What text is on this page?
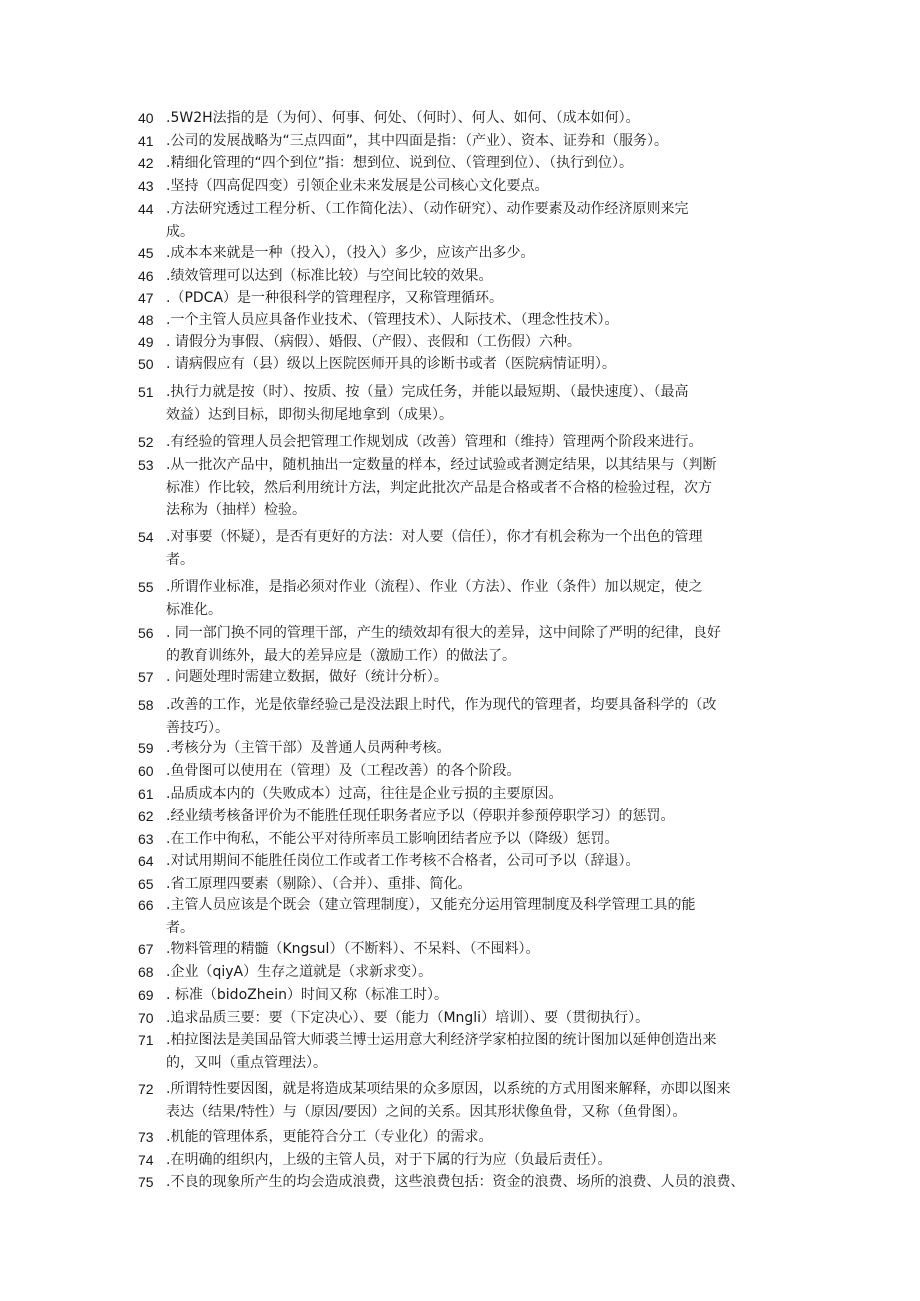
40 .5W2H法指的是（为何）、何事、何处、（何时）、何人、如何、（成本如何）。
41 .公司的发展战略为“三点四面”，其中四面是指：（产业）、资本、证券和（服务）。
42 .精细化管理的“四个到位”指：想到位、说到位、（管理到位）、（执行到位）。
43 .坚持（四高促四变）引领企业未来发展是公司核心文化要点。
44 .方法研究透过工程分析、（工作简化法）、（动作研究）、动作要素及动作经济原则来完
成。
45 .成本本来就是一种（投入），（投入）多少，应该产出多少。
46 .绩效管理可以达到（标准比较）与空间比较的效果。
47 .（PDCA）是一种很科学的管理程序，又称管理循环。
48 .一个主管人员应具备作业技术、（管理技术）、人际技术、（理念性技术）。
49 . 请假分为事假、（病假）、婚假、（产假）、丧假和（工伤假）六种。
50 . 请病假应有（县）级以上医院医师开具的诊断书或者（医院病情证明）。
51 .执行力就是按（时）、按质、按（量）完成任务，并能以最短期、（最快速度）、（最高
效益）达到目标，即彻头彻尾地拿到（成果）。
52 .有经验的管理人员会把管理工作规划成（改善）管理和（维持）管理两个阶段来进行。
53 .从一批次产品中，随机抽出一定数量的样本，经过试验或者测定结果，以其结果与（判断
标准）作比较，然后利用统计方法，判定此批次产品是合格或者不合格的检验过程，次方
法称为（抽样）检验。
54 .对事要（怀疑），是否有更好的方法：对人要（信任），你才有机会称为一个出色的管理
者。
55 .所谓作业标准，是指必须对作业（流程）、作业（方法）、作业（条件）加以规定，使之
标准化。
56 . 同一部门换不同的管理干部，产生的绩效却有很大的差异，这中间除了严明的纪律，良好
的教育训练外，最大的差异应是（激励工作）的做法了。
57 . 问题处理时需建立数据，做好（统计分析）。
58 .改善的工作，光是依靠经验己是没法跟上时代，作为现代的管理者，均要具备科学的（改
善技巧）。
59 .考核分为（主管干部）及普通人员两种考核。
60 .鱼骨图可以使用在（管理）及（工程改善）的各个阶段。
61 .品质成本内的（失败成本）过高，往往是企业亏损的主要原因。
62 .经业绩考核备评价为不能胜任现任职务者应予以（停职并参预停职学习）的惩罚。
63 .在工作中徇私，不能公平对待所率员工影响团结者应予以（降级）惩罚。
64 .对试用期间不能胜任岗位工作或者工作考核不合格者，公司可予以（辞退）。
65 .省工原理四要素（剔除）、（合并）、重排、简化。
66 .主管人员应该是个既会（建立管理制度），又能充分运用管理制度及科学管理工具的能
者。
67 .物料管理的精髓（Kngsul）（不断料）、不呆料、（不囤料）。
68 .企业（qiyA）生存之道就是（求新求变）。
69 . 标准（bidoZhein）时间又称（标准工时）。
70 .追求品质三要：要（下定决心）、要（能力（Mngli）培训）、要（贯彻执行）。
71 .柏拉图法是美国品管大师裘兰博士运用意大利经济学家柏拉图的统计图加以延伸创造出来
的，又叫（重点管理法）。
72 .所谓特性要因图，就是将造成某项结果的众多原因，以系统的方式用图来解释，亦即以图来
表达（结果/特性）与（原因/要因）之间的关系。因其形状像鱼骨，又称（鱼骨图）。
73 .机能的管理体系，更能符合分工（专业化）的需求。
74 .在明确的组织内，上级的主管人员，对于下属的行为应（负最后责任）。
75 .不良的现象所产生的均会造成浪费，这些浪费包括：资金的浪费、场所的浪费、人员的浪费、
